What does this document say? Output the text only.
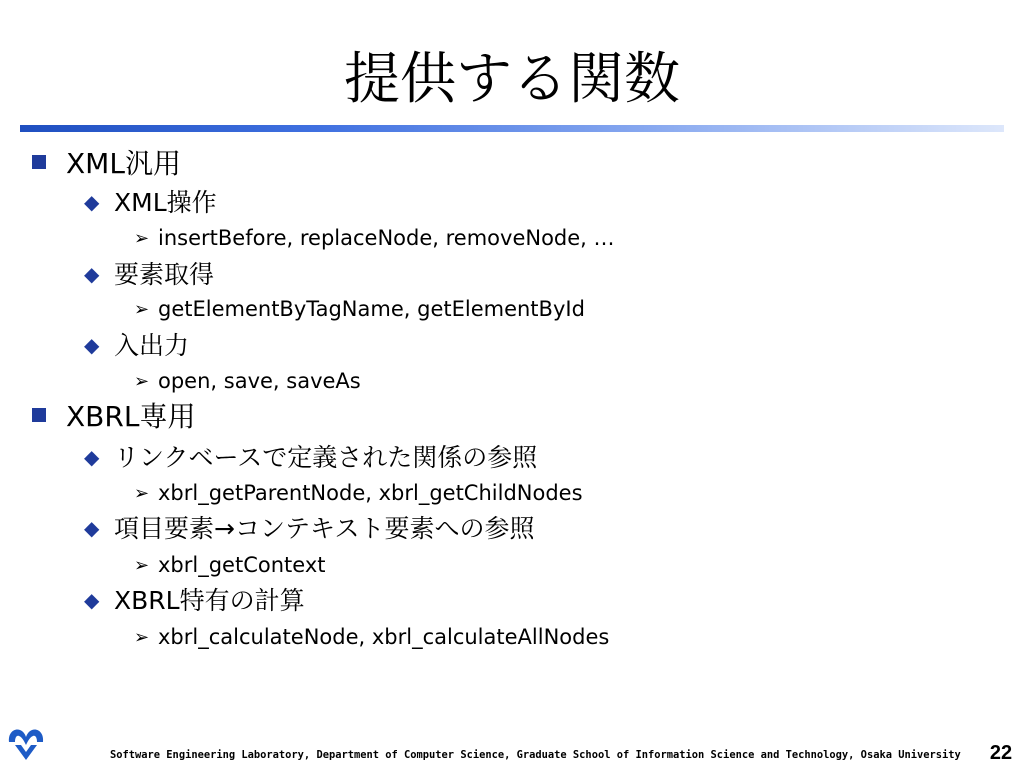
提供する関数
XML汎用
◆ XML操作
➢ insertBefore, replaceNode, removeNode, …
◆ 要素取得
➢ getElementByTagName, getElementById
◆ 入出力
➢ open, save, saveAs
XBRL専用
◆ リンクベースで定義された関係の参照
➢ xbrl_getParentNode, xbrl_getChildNodes
◆ 項目要素→コンテキスト要素への参照
➢ xbrl_getContext
◆ XBRL特有の計算
➢ xbrl_calculateNode, xbrl_calculateAllNodes
Software Engineering Laboratory, Department of Computer Science, Graduate School of Information Science and Technology, Osaka University 22
